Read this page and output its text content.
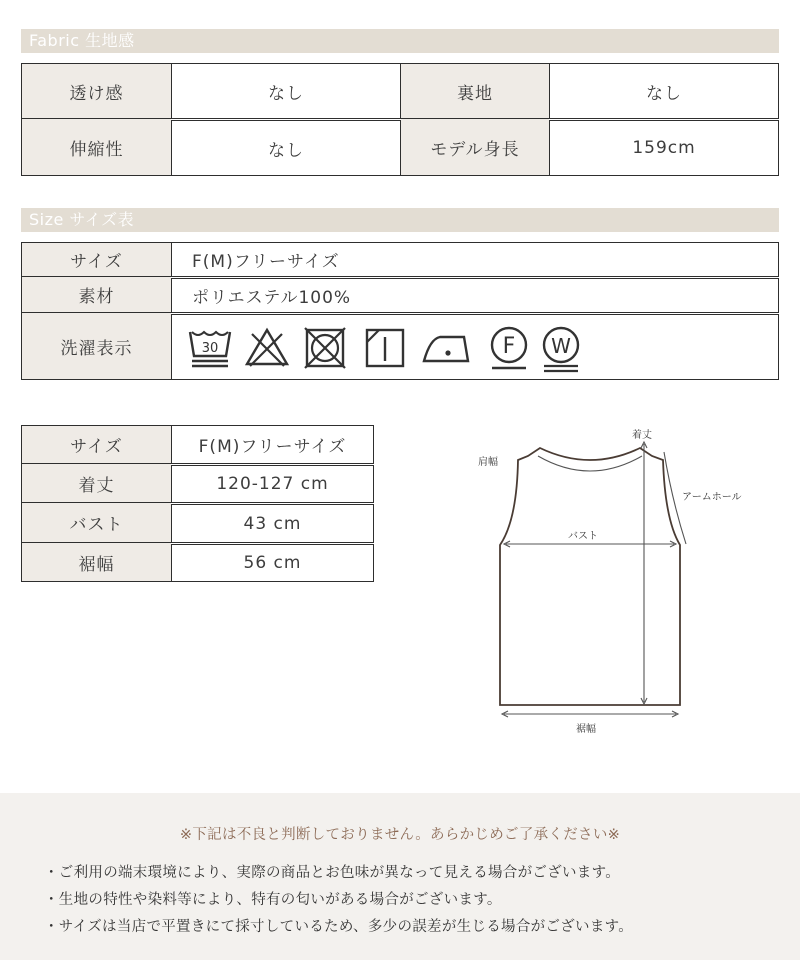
Fabric 生地感
透け感	なし	裏地	なし
伸縮性	なし	モデル身長	159cm
Size サイズ表
サイズ	F(M)フリーサイズ
素材	ポリエステル100%
洗濯表示	30	F W
サイズ	F(M)フリーサイズ
着丈	120-127 cm
バスト	43 cm
裾幅	56 cm
着丈
肩幅
アームホール
バスト
裾幅
※下記は不良と判断しておりません。あらかじめご了承ください※
・ご利用の端末環境により、実際の商品とお色味が異なって見える場合がございます。
・生地の特性や染料等により、特有の匂いがある場合がございます。
・サイズは当店で平置きにて採寸しているため、多少の誤差が生じる場合がございます。
